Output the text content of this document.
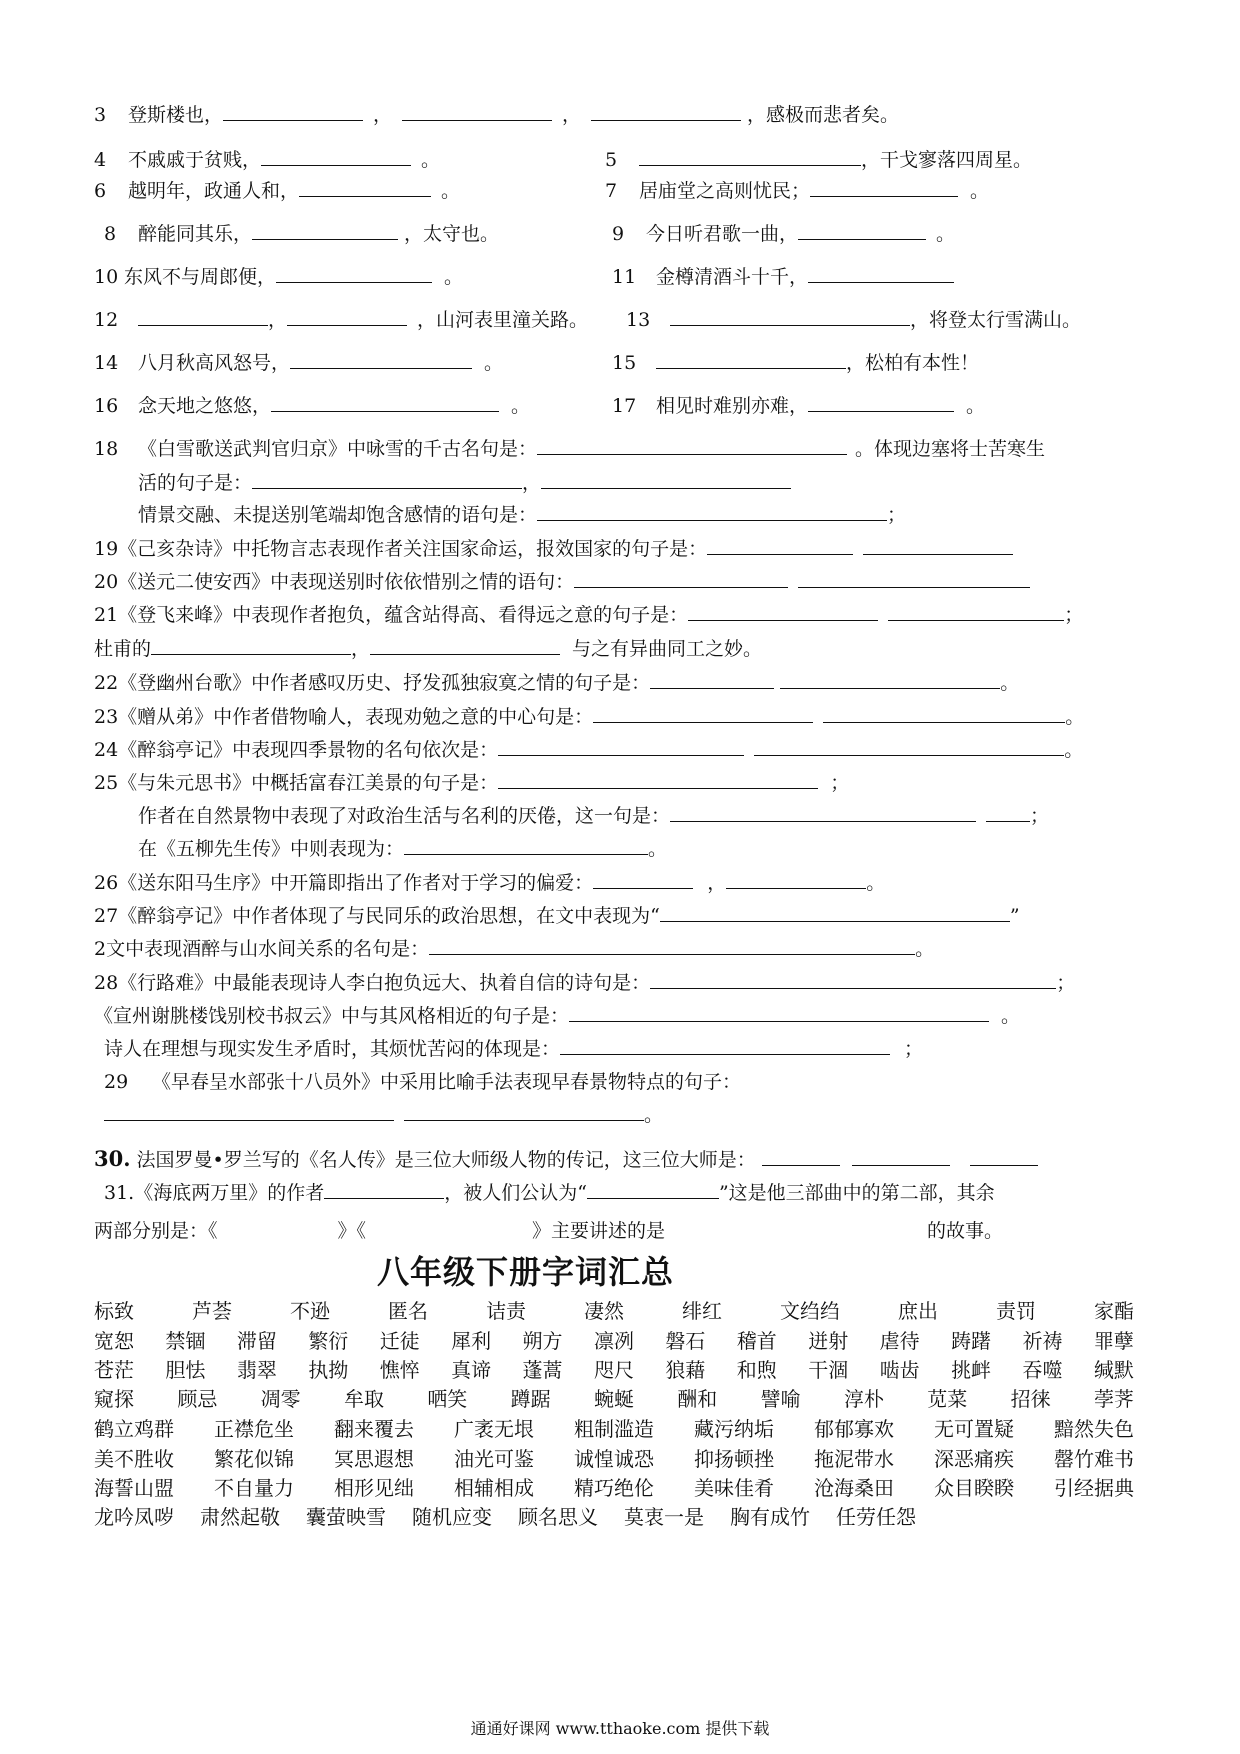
3 登斯楼也，	，	，	，感极而悲者矣。
4 不戚戚于贫贱，	。	5	，干戈寥落四周星。
6 越明年，政通人和，	。	7 居庙堂之高则忧民；	。
8 醉能同其乐，	，太守也。	9 今日听君歌一曲，	。
10 东风不与周郎便，	。	11 金樽清酒斗十千，
12	，	，山河表里潼关路。 13	，将登太行雪满山。
14 八月秋高风怒号，	。	15	，松柏有本性！
16 念天地之悠悠，	。	17 相见时难别亦难，	。
18 《白雪歌送武判官归京》中咏雪的千古名句是：	。体现边塞将士苦寒生
活的句子是：	，
情景交融、未提送别笔端却饱含感情的语句是：	；
19《己亥杂诗》中托物言志表现作者关注国家命运，报效国家的句子是：
20《送元二使安西》中表现送别时依依惜别之情的语句：
21《登飞来峰》中表现作者抱负，蕴含站得高、看得远之意的句子是：	；
杜甫的	，	与之有异曲同工之妙。
22《登幽州台歌》中作者感叹历史、抒发孤独寂寞之情的句子是：	。
23《赠从弟》中作者借物喻人，表现劝勉之意的中心句是：	。
24《醉翁亭记》中表现四季景物的名句依次是：	。
25《与朱元思书》中概括富春江美景的句子是：	；
作者在自然景物中表现了对政治生活与名利的厌倦，这一句是：	；
在《五柳先生传》中则表现为：	。
26《送东阳马生序》中开篇即指出了作者对于学习的偏爱：	，	。
27《醉翁亭记》中作者体现了与民同乐的政治思想，在文中表现为“	”
2文中表现酒醉与山水间关系的名句是：	。
28《行路难》中最能表现诗人李白抱负远大、执着自信的诗句是：	；
《宣州谢朓楼饯别校书叔云》中与其风格相近的句子是：	。
诗人在理想与现实发生矛盾时，其烦忧苦闷的体现是：	；
29 《早春呈水部张十八员外》中采用比喻手法表现早春景物特点的句子：
。
30. 法国罗曼•罗兰写的《名人传》是三位大师级人物的传记，这三位大师是：
31.《海底两万里》的作者	，被人们公认为“	”这是他三部曲中的第二部，其余
两部分别是：《	》《	》主要讲述的是	的故事。
八年级下册字词汇总
标致	芦荟	不逊	匿名	诘责	凄然	绯红	文绉绉	庶出	责罚	家酯
宽恕 禁锢 滞留 繁衍 迁徒 犀利 朔方 凛冽 磐石 稽首 迸射 虐待 踌躇 祈祷 罪孽
苍茫 胆怯 翡翠 执拗 憔悴 真谛 蓬蒿 咫尺 狼藉 和煦 干涸 啮齿 挑衅 吞噬 缄默
窥探 顾忌 凋零 牟取 哂笑 蹲踞 蜿蜒 酬和 譬喻 淳朴 苋菜 招徕 荸荠
鹤立鸡群 正襟危坐 翻来覆去 广袤无垠 粗制滥造 藏污纳垢 郁郁寡欢 无可置疑 黯然失色
美不胜收 繁花似锦 冥思遐想 油光可鉴 诚惶诚恐 抑扬顿挫 拖泥带水 深恶痛疾 罄竹难书
海誓山盟 不自量力 相形见绌 相辅相成 精巧绝伦 美味佳肴 沧海桑田 众目睽睽 引经据典
龙吟凤哕 肃然起敬 囊萤映雪 随机应变 顾名思义 莫衷一是 胸有成竹 任劳任怨
通通好课网 www.tthaoke.com 提供下载
